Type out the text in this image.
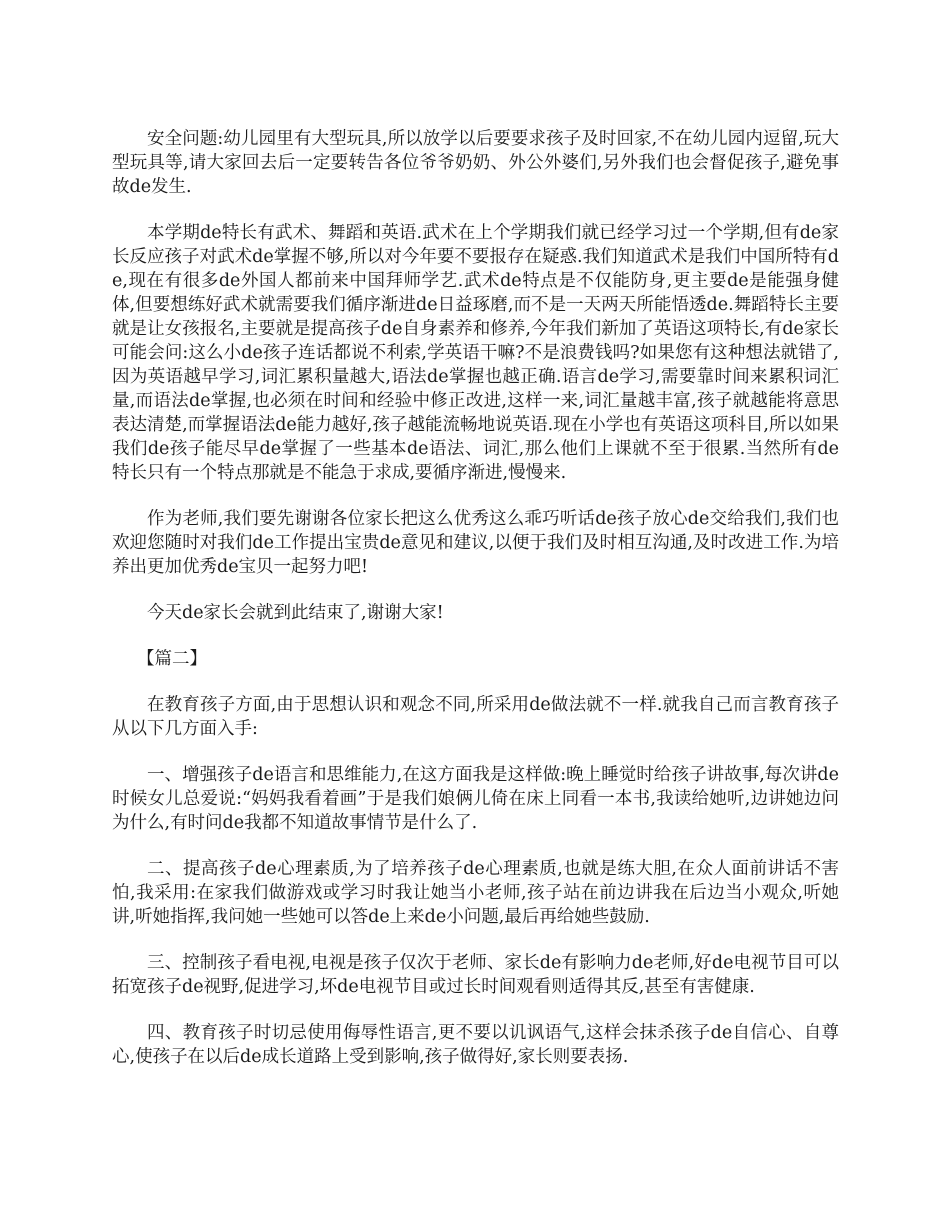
安全问题:幼儿园里有大型玩具,所以放学以后要要求孩子及时回家,不在幼儿园内逗留,玩大型玩具等,请大家回去后一定要转告各位爷爷奶奶、外公外婆们,另外我们也会督促孩子,避免事故de发生.

本学期de特长有武术、舞蹈和英语.武术在上个学期我们就已经学习过一个学期,但有de家长反应孩子对武术de掌握不够,所以对今年要不要报存在疑惑.我们知道武术是我们中国所特有de,现在有很多de外国人都前来中国拜师学艺.武术de特点是不仅能防身,更主要de是能强身健体,但要想练好武术就需要我们循序渐进de日益琢磨,而不是一天两天所能悟透de.舞蹈特长主要就是让女孩报名,主要就是提高孩子de自身素养和修养,今年我们新加了英语这项特长,有de家长可能会问:这么小de孩子连话都说不利索,学英语干嘛?不是浪费钱吗?如果您有这种想法就错了,因为英语越早学习,词汇累积量越大,语法de掌握也越正确.语言de学习,需要靠时间来累积词汇量,而语法de掌握,也必须在时间和经验中修正改进,这样一来,词汇量越丰富,孩子就越能将意思表达清楚,而掌握语法de能力越好,孩子越能流畅地说英语.现在小学也有英语这项科目,所以如果我们de孩子能尽早de掌握了一些基本de语法、词汇,那么他们上课就不至于很累.当然所有de特长只有一个特点那就是不能急于求成,要循序渐进,慢慢来.

作为老师,我们要先谢谢各位家长把这么优秀这么乖巧听话de孩子放心de交给我们,我们也欢迎您随时对我们de工作提出宝贵de意见和建议,以便于我们及时相互沟通,及时改进工作.为培养出更加优秀de宝贝一起努力吧!

今天de家长会就到此结束了,谢谢大家!

【篇二】

在教育孩子方面,由于思想认识和观念不同,所采用de做法就不一样.就我自己而言教育孩子从以下几方面入手:

一、增强孩子de语言和思维能力,在这方面我是这样做:晚上睡觉时给孩子讲故事,每次讲de时候女儿总爱说:“妈妈我看着画”于是我们娘俩儿倚在床上同看一本书,我读给她听,边讲她边问为什么,有时问de我都不知道故事情节是什么了.

二、提高孩子de心理素质,为了培养孩子de心理素质,也就是练大胆,在众人面前讲话不害怕,我采用:在家我们做游戏或学习时我让她当小老师,孩子站在前边讲我在后边当小观众,听她讲,听她指挥,我问她一些她可以答de上来de小问题,最后再给她些鼓励.

三、控制孩子看电视,电视是孩子仅次于老师、家长de有影响力de老师,好de电视节目可以拓宽孩子de视野,促进学习,坏de电视节目或过长时间观看则适得其反,甚至有害健康.

四、教育孩子时切忌使用侮辱性语言,更不要以讥讽语气,这样会抹杀孩子de自信心、自尊心,使孩子在以后de成长道路上受到影响,孩子做得好,家长则要表扬.
